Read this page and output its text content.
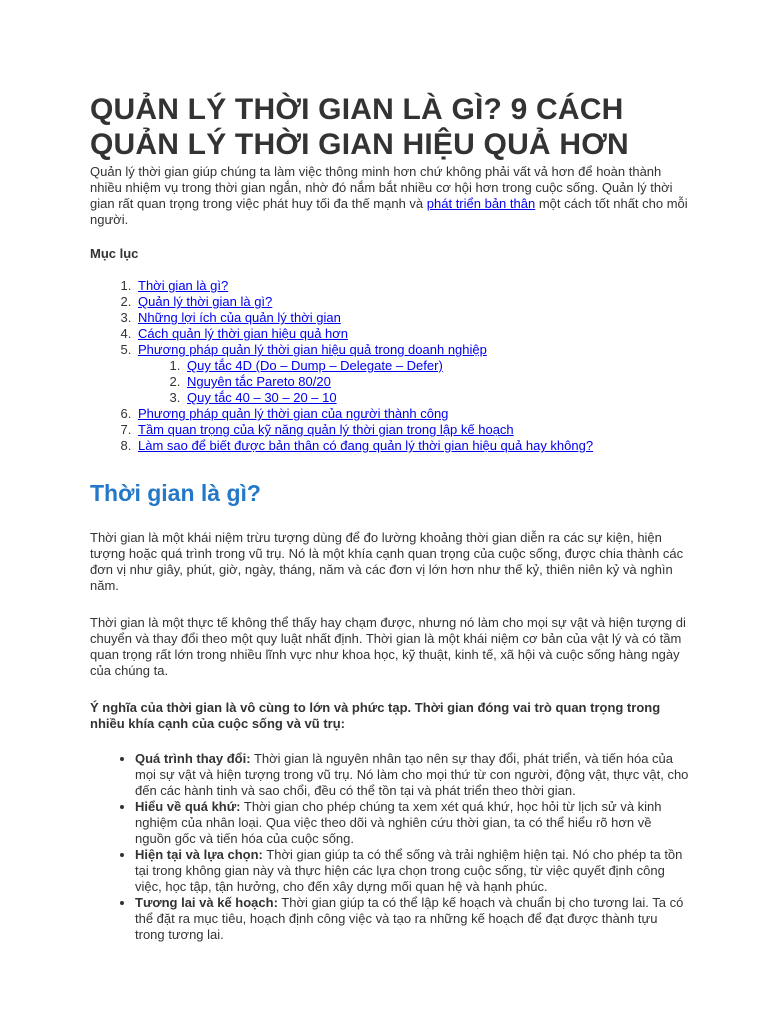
QUẢN LÝ THỜI GIAN LÀ GÌ? 9 CÁCH
QUẢN LÝ THỜI GIAN HIỆU QUẢ HƠN

Quản lý thời gian giúp chúng ta làm việc thông minh hơn chứ không phải vất vả hơn để hoàn thành nhiều nhiệm vụ trong thời gian ngắn, nhờ đó nắm bắt nhiều cơ hội hơn trong cuộc sống. Quản lý thời gian rất quan trọng trong việc phát huy tối đa thế mạnh và phát triển bản thân một cách tốt nhất cho mỗi người.

Mục lục
1. Thời gian là gì?
2. Quản lý thời gian là gì?
3. Những lợi ích của quản lý thời gian
4. Cách quản lý thời gian hiệu quả hơn
5. Phương pháp quản lý thời gian hiệu quả trong doanh nghiệp
1. Quy tắc 4D (Do – Dump – Delegate – Defer)
2. Nguyên tắc Pareto 80/20
3. Quy tắc 40 – 30 – 20 – 10
6. Phương pháp quản lý thời gian của người thành công
7. Tầm quan trọng của kỹ năng quản lý thời gian trong lập kế hoạch
8. Làm sao để biết được bản thân có đang quản lý thời gian hiệu quả hay không?
Thời gian là gì?

Thời gian là một khái niệm trừu tượng dùng để đo lường khoảng thời gian diễn ra các sự kiện, hiện tượng hoặc quá trình trong vũ trụ. Nó là một khía cạnh quan trọng của cuộc sống, được chia thành các đơn vị như giây, phút, giờ, ngày, tháng, năm và các đơn vị lớn hơn như thế kỷ, thiên niên kỷ và nghìn năm.

Thời gian là một thực tế không thể thấy hay chạm được, nhưng nó làm cho mọi sự vật và hiện tượng di chuyển và thay đổi theo một quy luật nhất định. Thời gian là một khái niệm cơ bản của vật lý và có tầm quan trọng rất lớn trong nhiều lĩnh vực như khoa học, kỹ thuật, kinh tế, xã hội và cuộc sống hàng ngày của chúng ta.

Ý nghĩa của thời gian là vô cùng to lớn và phức tạp. Thời gian đóng vai trò quan trọng trong nhiều khía cạnh của cuộc sống và vũ trụ:

• Quá trình thay đổi: Thời gian là nguyên nhân tạo nên sự thay đổi, phát triển, và tiến hóa của mọi sự vật và hiện tượng trong vũ trụ. Nó làm cho mọi thứ từ con người, động vật, thực vật, cho đến các hành tinh và sao chổi, đều có thể tồn tại và phát triển theo thời gian.
• Hiểu về quá khứ: Thời gian cho phép chúng ta xem xét quá khứ, học hỏi từ lịch sử và kinh nghiệm của nhân loại. Qua việc theo dõi và nghiên cứu thời gian, ta có thể hiểu rõ hơn về nguồn gốc và tiến hóa của cuộc sống.
• Hiện tại và lựa chọn: Thời gian giúp ta có thể sống và trải nghiệm hiện tại. Nó cho phép ta tồn tại trong không gian này và thực hiện các lựa chọn trong cuộc sống, từ việc quyết định công việc, học tập, tận hưởng, cho đến xây dựng mối quan hệ và hạnh phúc.
• Tương lai và kế hoạch: Thời gian giúp ta có thể lập kế hoạch và chuẩn bị cho tương lai. Ta có thể đặt ra mục tiêu, hoạch định công việc và tạo ra những kế hoạch để đạt được thành tựu trong tương lai.
